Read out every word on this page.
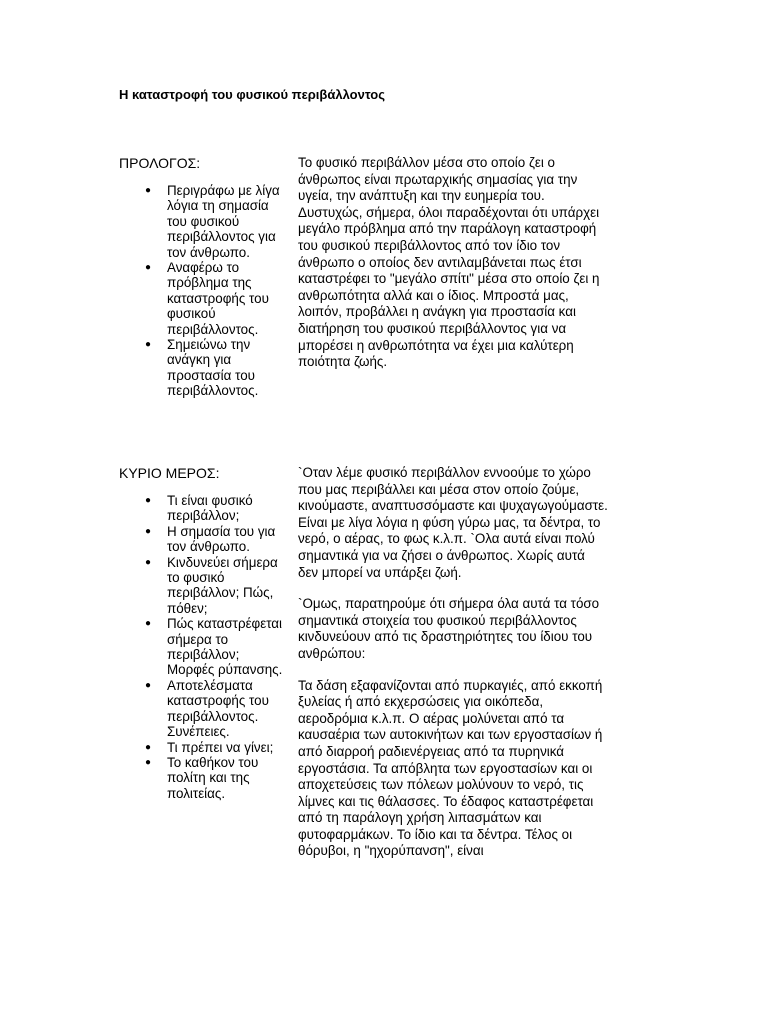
Η καταστροφή του φυσικού περιβάλλοντος

ΠΡΟΛΟΓΟΣ:

● Περιγράφω με λίγα λόγια τη σημασία του φυσικού περιβάλλοντος για τον άνθρωπο.
● Αναφέρω το πρόβλημα της καταστροφής του φυσικού περιβάλλοντος.
● Σημειώνω την ανάγκη για προστασία του περιβάλλοντος.

Το φυσικό περιβάλλον μέσα στο οποίο ζει ο άνθρωπος είναι πρωταρχικής σημασίας για την υγεία, την ανάπτυξη και την ευημερία του. Δυστυχώς, σήμερα, όλοι παραδέχονται ότι υπάρχει μεγάλο πρόβλημα από την παράλογη καταστροφή του φυσικού περιβάλλοντος από τον ίδιο τον άνθρωπο ο οποίος δεν αντιλαμβάνεται πως έτσι καταστρέφει το "μεγάλο σπίτι" μέσα στο οποίο ζει η ανθρωπότητα αλλά και ο ίδιος. Μπροστά μας, λοιπόν, προβάλλει η ανάγκη για προστασία και διατήρηση του φυσικού περιβάλλοντος για να μπορέσει η ανθρωπότητα να έχει μια καλύτερη ποιότητα ζωής.

ΚΥΡΙΟ ΜΕΡΟΣ:

● Τι είναι φυσικό περιβάλλον;
● Η σημασία του για τον άνθρωπο.
● Κινδυνεύει σήμερα το φυσικό περιβάλλον; Πώς, πόθεν;
● Πώς καταστρέφεται σήμερα το περιβάλλον; Μορφές ρύπανσης.
● Αποτελέσματα καταστροφής του περιβάλλοντος. Συνέπειες.
● Τι πρέπει να γίνει;
● Το καθήκον του πολίτη και της πολιτείας.

`Οταν λέμε φυσικό περιβάλλον εννοούμε το χώρο που μας περιβάλλει και μέσα στον οποίο ζούμε, κινούμαστε, αναπτυσσόμαστε και ψυχαγωγούμαστε. Είναι με λίγα λόγια η φύση γύρω μας, τα δέντρα, το νερό, ο αέρας, το φως κ.λ.π. `Ολα αυτά είναι πολύ σημαντικά για να ζήσει ο άνθρωπος. Χωρίς αυτά δεν μπορεί να υπάρξει ζωή.

`Ομως, παρατηρούμε ότι σήμερα όλα αυτά τα τόσο σημαντικά στοιχεία του φυσικού περιβάλλοντος κινδυνεύουν από τις δραστηριότητες του ίδιου του ανθρώπου:

Τα δάση εξαφανίζονται από πυρκαγιές, από εκκοπή ξυλείας ή από εκχερσώσεις για οικόπεδα, αεροδρόμια κ.λ.π. Ο αέρας μολύνεται από τα καυσαέρια των αυτοκινήτων και των εργοστασίων ή από διαρροή ραδιενέργειας από τα πυρηνικά εργοστάσια. Τα απόβλητα των εργοστασίων και οι αποχετεύσεις των πόλεων μολύνουν το νερό, τις λίμνες και τις θάλασσες. Το έδαφος καταστρέφεται από τη παράλογη χρήση λιπασμάτων και φυτοφαρμάκων. Το ίδιο και τα δέντρα. Τέλος οι θόρυβοι, η "ηχορύπανση", είναι
